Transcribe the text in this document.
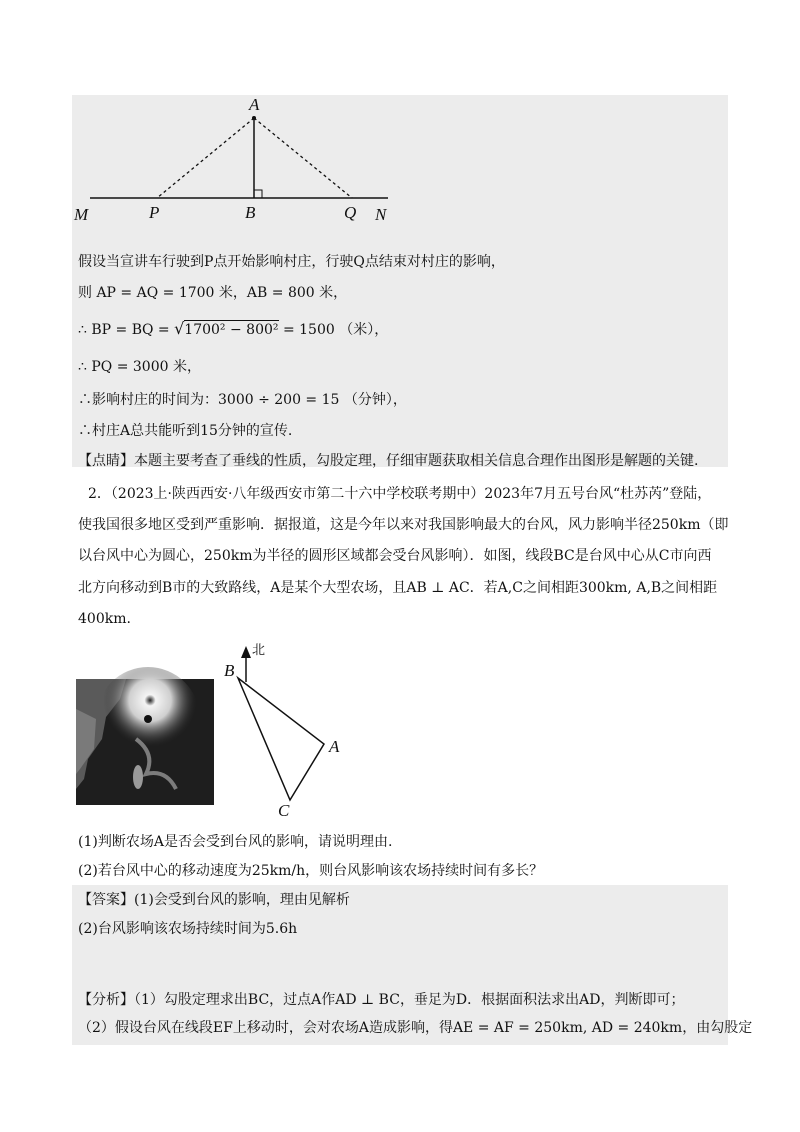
A
M	P	B	Q N
假设当宣讲车行驶到P点开始影响村庄，行驶Q点结束对村庄的影响，
则 AP = AQ = 1700 米，AB = 800 米，
∴ BP = BQ = √1700² − 800² = 1500 （米），
∴ PQ = 3000 米，
∴影响村庄的时间为：3000 ÷ 200 = 15 （分钟），
∴村庄A总共能听到15分钟的宣传.
【点睛】本题主要考查了垂线的性质，勾股定理，仔细审题获取相关信息合理作出图形是解题的关键.
2．（2023上·陕西西安·八年级西安市第二十六中学校联考期中）2023年7月五号台风“杜苏芮”登陆，
使我国很多地区受到严重影响．据报道，这是今年以来对我国影响最大的台风，风力影响半径250km（即
以台风中心为圆心，250km为半径的圆形区域都会受台风影响）．如图，线段BC是台风中心从C市向西
北方向移动到B市的大致路线，A是某个大型农场，且AB ⊥ AC．若A,C之间相距300km, A,B之间相距
400km.
北
B
A
C
(1)判断农场A是否会受到台风的影响，请说明理由.
(2)若台风中心的移动速度为25km/h，则台风影响该农场持续时间有多长？
【答案】(1)会受到台风的影响，理由见解析
(2)台风影响该农场持续时间为5.6h
【分析】（1）勾股定理求出BC，过点A作AD ⊥ BC，垂足为D．根据面积法求出AD，判断即可；
（2）假设台风在线段EF上移动时，会对农场A造成影响，得AE = AF = 250km, AD = 240km，由勾股定
